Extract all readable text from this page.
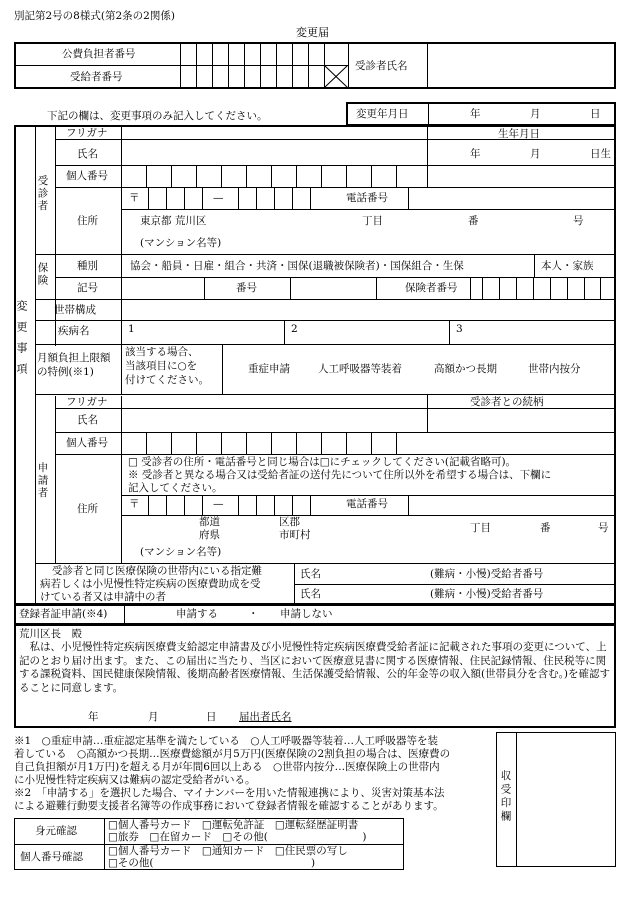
別記第2号の8様式(第2条の2関係)
変更届
公費負担者番号
受給者番号
受診者氏名
下記の欄は、変更事項のみ記入してください。	変更年月日	年	月	日
変更事項
受診者
フリガナ	生年月日
氏名	年	月	日生
個人番号
住所
〒	—	電話番号
東京都 荒川区	丁目	番	号
(マンション名等)
保険	種別	協会・船員・日雇・組合・共済・国保(退職被保険者)・国保組合・生保	本人・家族
記号	番号	保険者番号
世帯構成
疾病名	1	2	3
月額負担上限額
の特例(※1)
該当する場合、
当該項目に○を
付けてください。
重症申請	人工呼吸器等装着	高額かつ長期	世帯内按分
申請者
フリガナ	受診者との続柄
氏名
個人番号
住所
□ 受診者の住所・電話番号と同じ場合は□にチェックしてください(記載省略可)。
※ 受診者と異なる場合又は受給者証の送付先について住所以外を希望する場合は、下欄に
記入してください。
〒	—	電話番号
都道
府県
区郡
市町村
丁目	番	号
(マンション名等)
受診者と同じ医療保険の世帯内にいる指定難
病若しくは小児慢性特定疾病の医療費助成を受
けている者又は申請中の者
氏名	(難病・小慢)受給者番号
氏名	(難病・小慢)受給者番号
登録者証申請(※4)	申請する	・ 申請しない
荒川区長　殿
私は、小児慢性特定疾病医療費支給認定申請書及び小児慢性特定疾病医療費受給者証に記載された事項の変更について、上記のとおり届け出ます。また、この届出に当たり、当区において医療意見書に関する医療情報、住民記録情報、住民税等に関する課税資料、国民健康保険情報、後期高齢者医療情報、生活保護受給情報、公的年金等の収入額(世帯員分を含む。)を確認することに同意します。
年	月	日 届出者氏名
※1　○重症申請…重症認定基準を満たしている　○人工呼吸器等装着…人工呼吸器等を装
着している　○高額かつ長期…医療費総額が月5万円(医療保険の2割負担の場合は、医療費の
自己負担額が月1万円)を超える月が年間6回以上ある　○世帯内按分…医療保険上の世帯内
に小児慢性特定疾病又は難病の認定受給者がいる。
※2　「申請する」を選択した場合、マイナンバーを用いた情報連携により、災害対策基本法
による避難行動要支援者名簿等の作成事務において登録者情報を確認することがあります。	収受印欄
身元確認	□個人番号カード　□運転免許証　□運転経歴証明書
□旅券　□在留カード　□その他(　　　　　　　　　)
個人番号確認 □個人番号カード　□通知カード　□住民票の写し
□その他(　　　　　　　　　　　　　　　)
